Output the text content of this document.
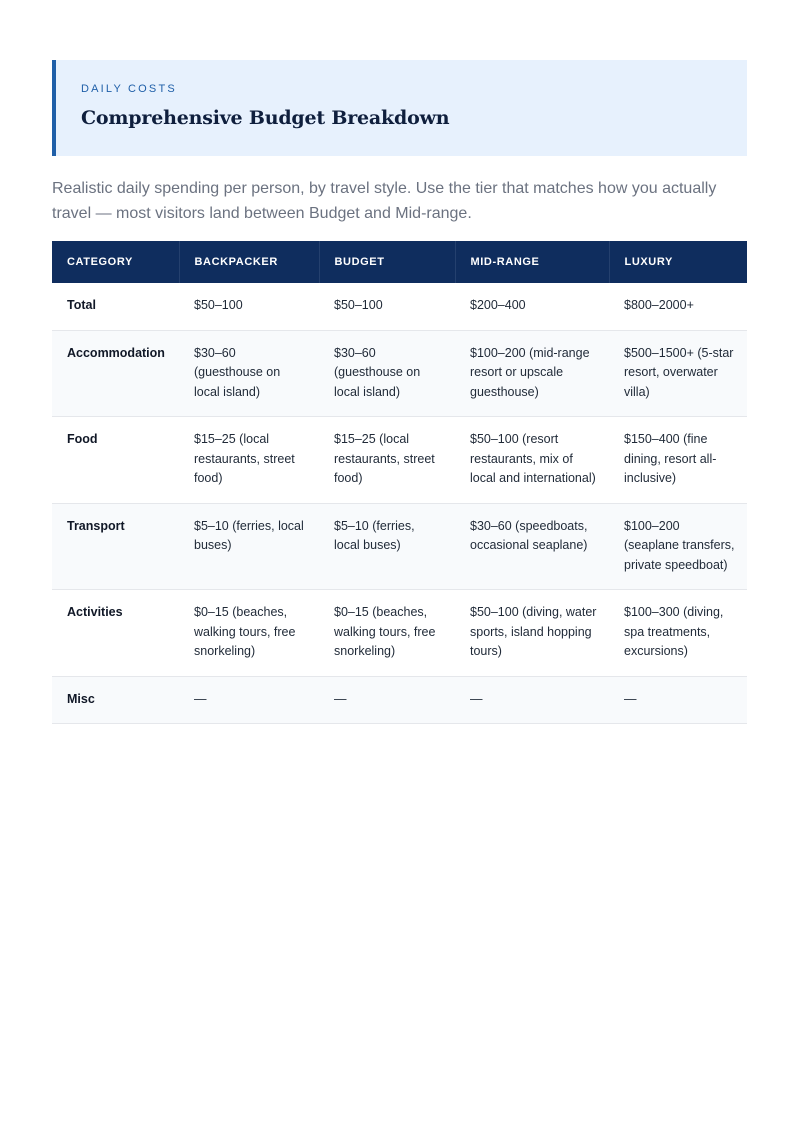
DAILY COSTS
Comprehensive Budget Breakdown

Realistic daily spending per person, by travel style. Use the tier that matches how you actually travel — most visitors land between Budget and Mid-range.

CATEGORY	BACKPACKER	BUDGET	MID-RANGE	LUXURY
Total	$50–100	$50–100	$200–400	$800–2000+
Accommodation	$30–60 (guesthouse on local island)	$30–60 (guesthouse on local island)	$100–200 (mid-range resort or upscale guesthouse)	$500–1500+ (5-star resort, overwater villa)
Food	$15–25 (local restaurants, street food)	$15–25 (local restaurants, street food)	$50–100 (resort restaurants, mix of local and international)	$150–400 (fine dining, resort all-inclusive)
Transport	$5–10 (ferries, local buses)	$5–10 (ferries, local buses)	$30–60 (speedboats, occasional seaplane)	$100–200 (seaplane transfers, private speedboat)
Activities	$0–15 (beaches, walking tours, free snorkeling)	$0–15 (beaches, walking tours, free snorkeling)	$50–100 (diving, water sports, island hopping tours)	$100–300 (diving, spa treatments, excursions)
Misc	—	—	—	—
